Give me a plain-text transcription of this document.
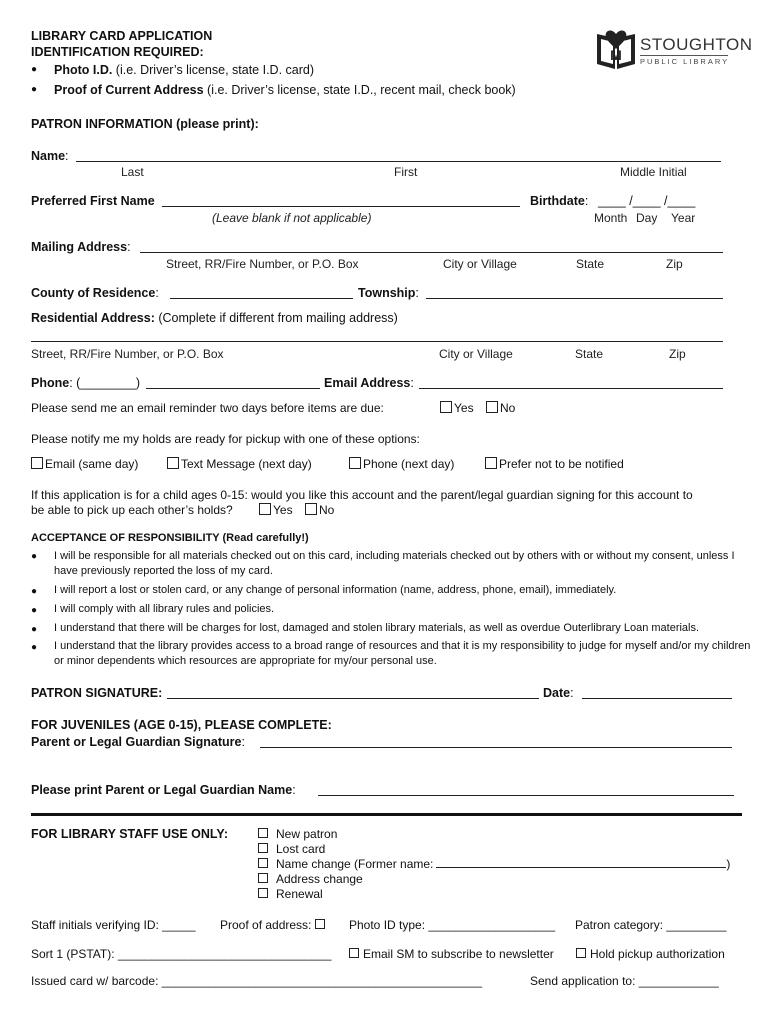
LIBRARY CARD APPLICATION
IDENTIFICATION REQUIRED:
● Photo I.D. (i.e. Driver’s license, state I.D. card)
● Proof of Current Address (i.e. Driver’s license, state I.D., recent mail, check book)
M
STOUGHTON
PUBLIC LIBRARY
PATRON INFORMATION (please print):
Name:
Last	First	Middle Initial
Preferred First Name
(Leave blank if not applicable)
Birthdate: ____ /____ /____
Month Day Year
Mailing Address:
Street, RR/Fire Number, or P.O. Box	City or Village	State	Zip
County of Residence:	Township:
Residential Address: (Complete if different from mailing address)
Street, RR/Fire Number, or P.O. Box	City or Village	State	Zip
Phone: (________)	Email Address:
Please send me an email reminder two days before items are due:	Yes	No
Please notify me my holds are ready for pickup with one of these options:
Email (same day)	Text Message (next day)	Phone (next day)	Prefer not to be notified
If this application is for a child ages 0-15: would you like this account and the parent/legal guardian signing for this account to
be able to pick up each other’s holds?	Yes	No
ACCEPTANCE OF RESPONSIBILITY (Read carefully!)
● I will be responsible for all materials checked out on this card, including materials checked out by others with or without my consent, unless I have previously reported the loss of my card.
● I will report a lost or stolen card, or any change of personal information (name, address, phone, email), immediately.
● I will comply with all library rules and policies.
● I understand that there will be charges for lost, damaged and stolen library materials, as well as overdue Outerlibrary Loan materials.
● I understand that the library provides access to a broad range of resources and that it is my responsibility to judge for myself and/or my children or minor dependents which resources are appropriate for my/our personal use.
PATRON SIGNATURE:	Date:
FOR JUVENILES (AGE 0-15), PLEASE COMPLETE:
Parent or Legal Guardian Signature:
Please print Parent or Legal Guardian Name:
FOR LIBRARY STAFF USE ONLY:	New patron
Lost card
Name change (Former name:	)
Address change
Renewal
Staff initials verifying ID: _____ Proof of address:	Photo ID type: ___________________ Patron category: _________
Sort 1 (PSTAT): ________________________________	Email SM to subscribe to newsletter	Hold pickup authorization
Issued card w/ barcode: ________________________________________________	Send application to: ____________
